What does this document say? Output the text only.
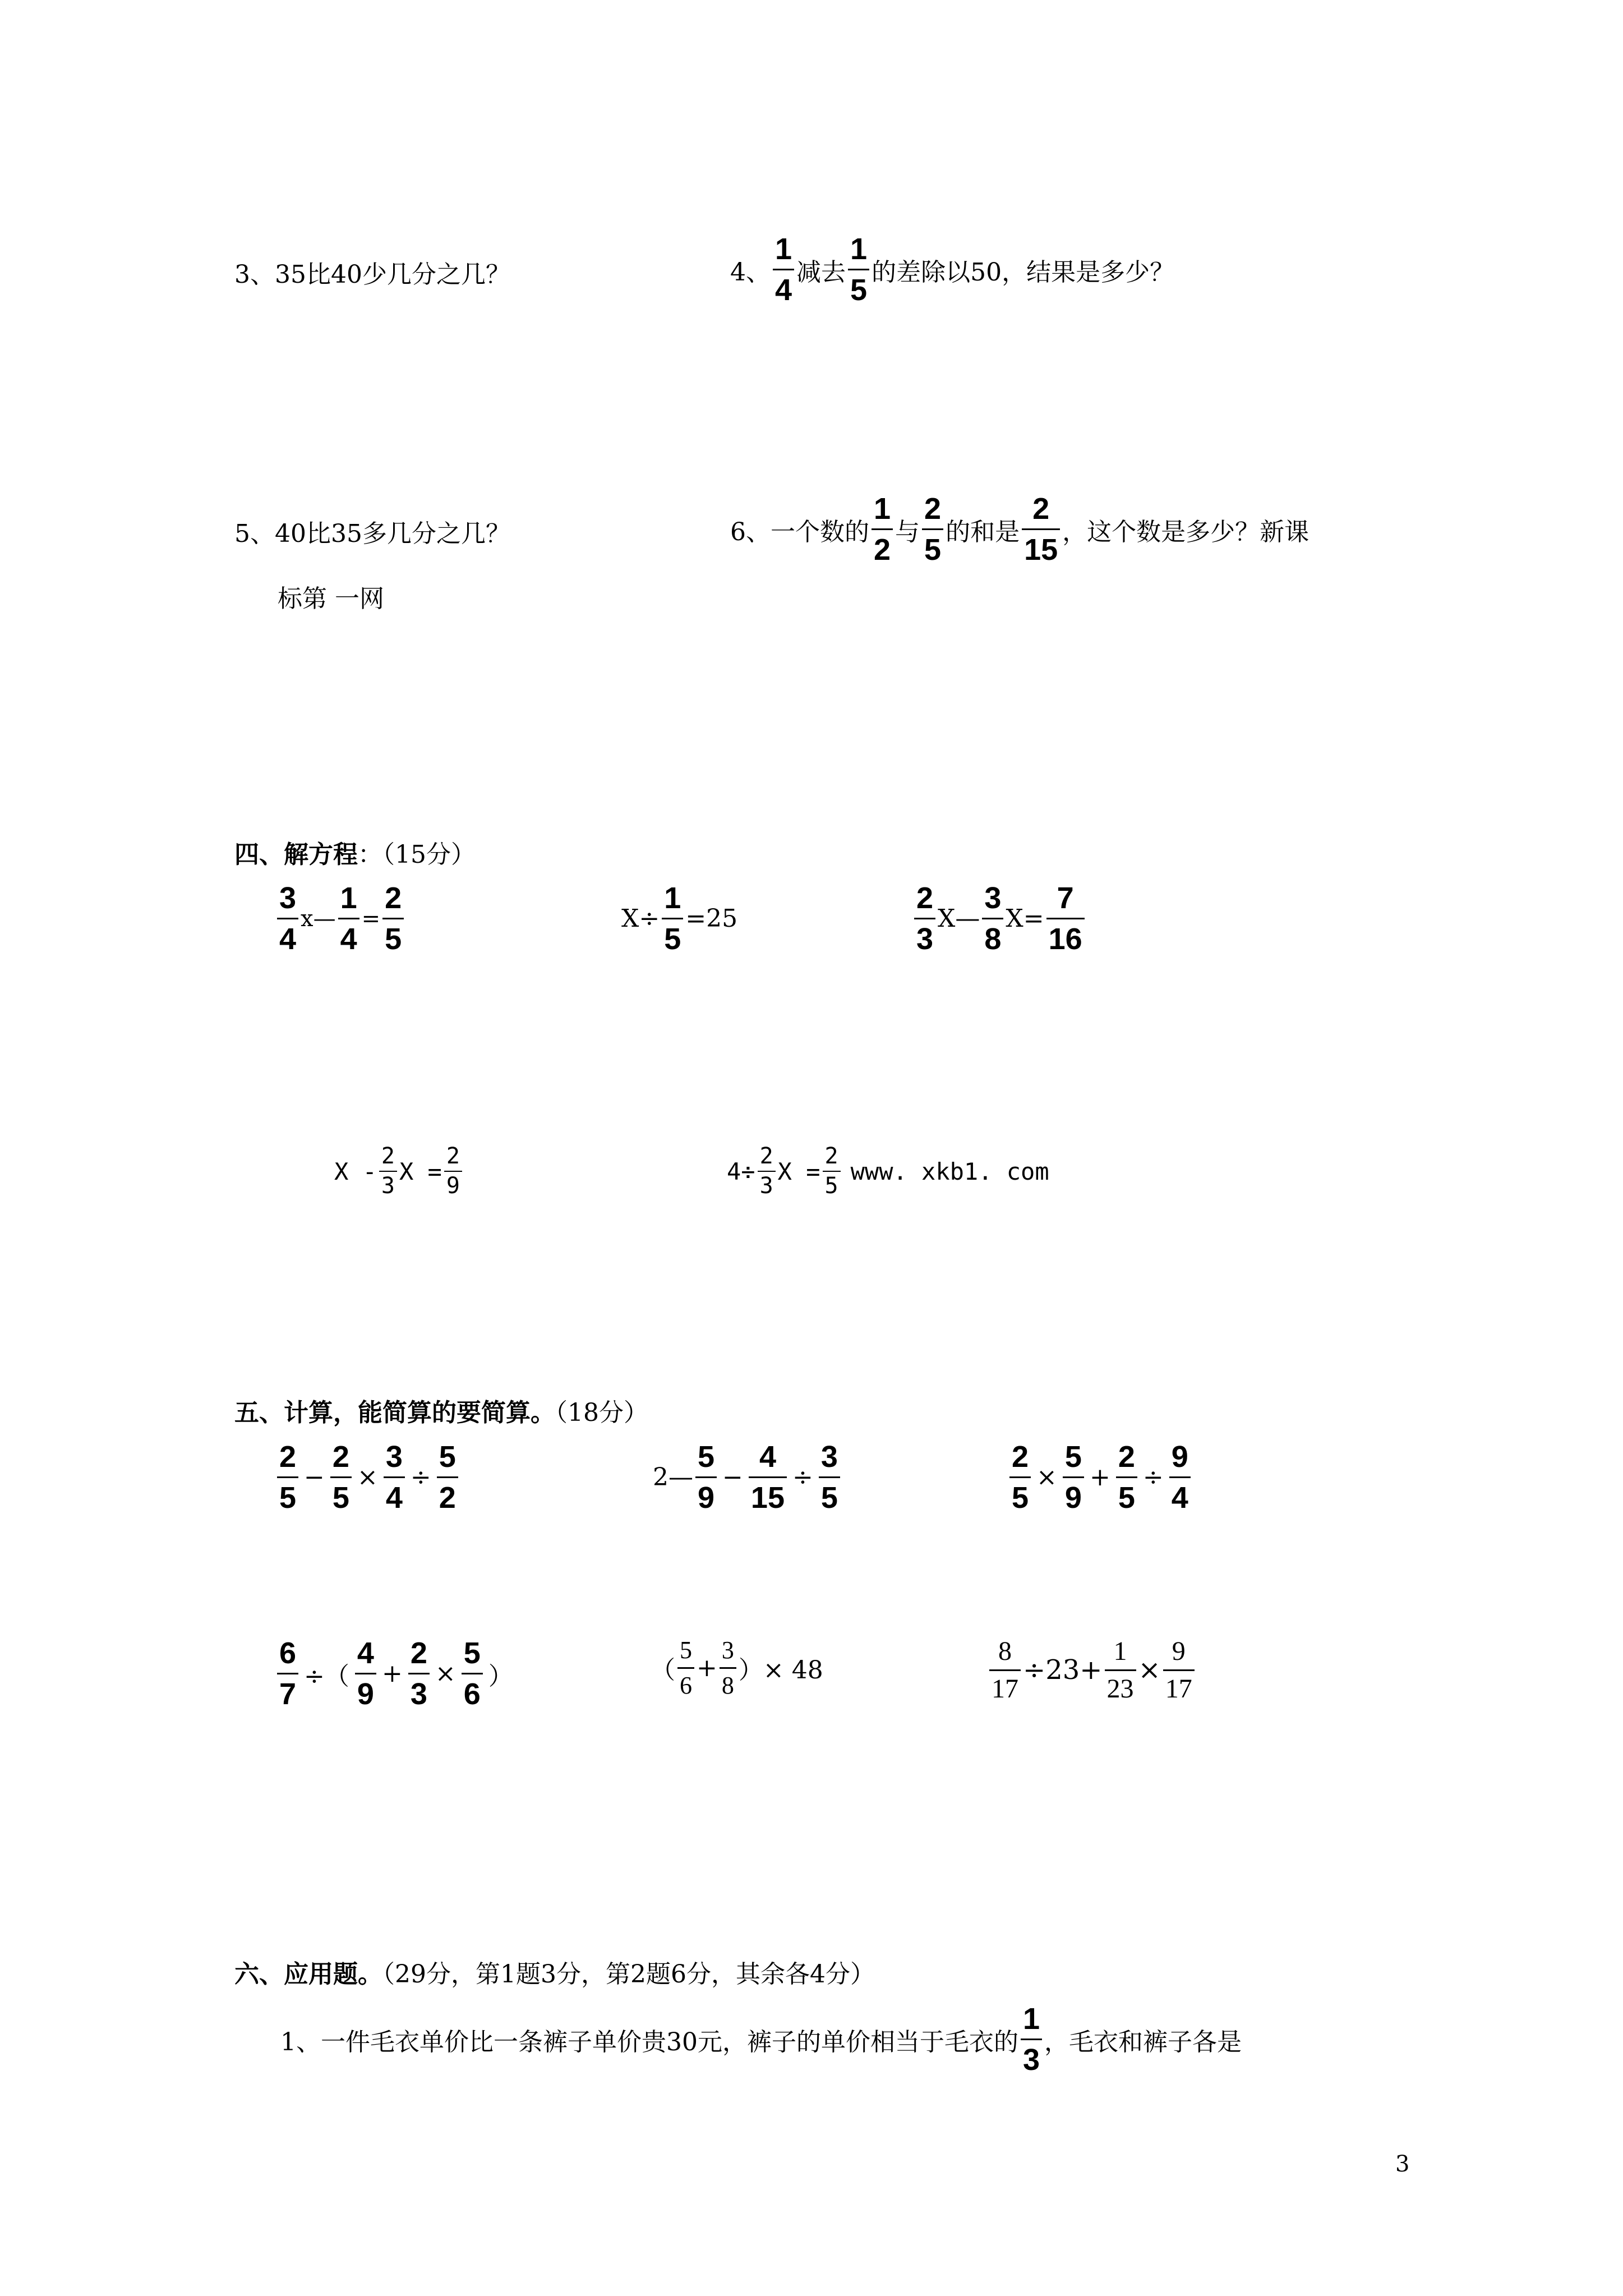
3、35比40少几分之几？	4、 $\frac{1}{4}$ 减去 $\frac{1}{5}$ 的差除以50，结果是多少？
5、40比35多几分之几？	6、一个数的 $\frac{1}{2}$ 与 $\frac{2}{5}$ 的和是 $\frac{2}{15}$ ，这个数是多少？新课
标第 一网
四、解方程：（15分）
$\frac{3}{4}$ x— $\frac{1}{4} = \frac{2}{5}$	$X\div \frac{1}{5} =25$	$\frac{2}{3}$ X— $\frac{3}{8} X= \frac{7}{16}$
X - $\frac{2}{3}$ $X = \frac{2}{9}$	$4\div \frac{2}{3}$ $X = \frac{2}{5}$ www. xkb1. com
五、计算，能简算的要简算。（18分）
$\frac{2}{5} - \frac{2}{5} \times \frac{3}{4} \div \frac{5}{2}$	2— $\frac{5}{9} - \frac{4}{15} \div \frac{3}{5}$	$\frac{2}{5} \times \frac{5}{9} + \frac{2}{5} \div \frac{9}{4}$
$\frac{6}{7}$ ÷（ $\frac{4}{9} + \frac{2}{3} \times \frac{5}{6}$ ）	（ $\frac{5}{6} + \frac{3}{8}$ ）× 48	$\frac{8}{17} \div 23+ \frac{1}{23} \times \frac{9}{17}$
六、应用题。（29分，第1题3分，第2题6分，其余各4分）
1、一件毛衣单价比一条裤子单价贵30元，裤子的单价相当于毛衣的 $\frac{1}{3}$ ，毛衣和裤子各是
3
